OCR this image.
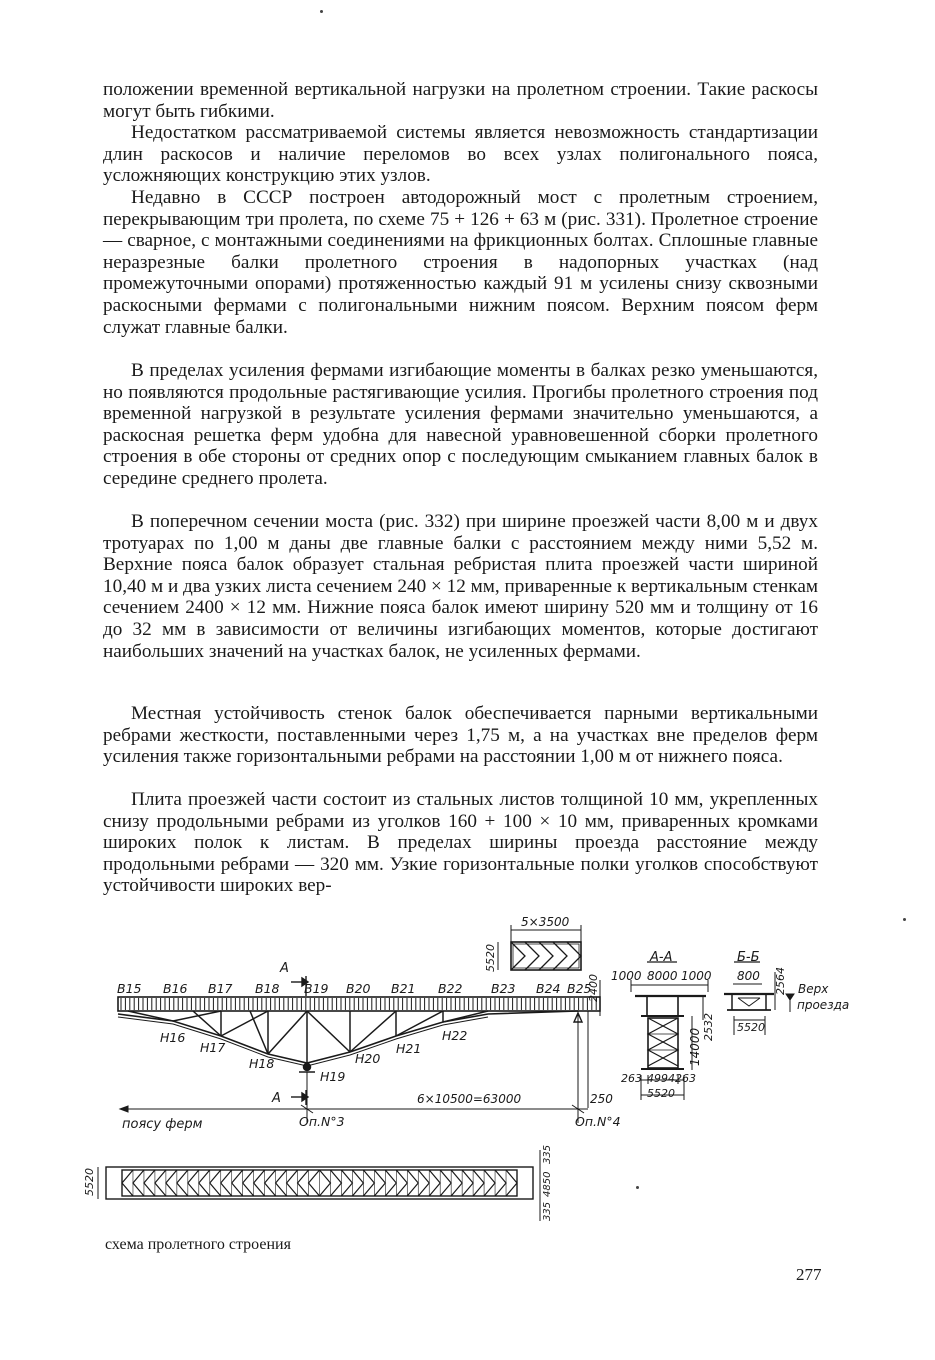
положении временной вертикальной нагрузки на пролетном строении. Такие раскосы могут быть гибкими.

Недостатком рассматриваемой системы является невозможность стандартизации длин раскосов и наличие переломов во всех узлах полигонального пояса, усложняющих конструкцию этих узлов.

Недавно в СССР построен автодорожный мост с пролетным строением, перекрывающим три пролета, по схеме 75 + 126 + 63 м (рис. 331). Пролетное строение — сварное, с монтажными соединениями на фрикционных болтах. Сплошные главные неразрезные балки пролетного строения в надопорных участках (над промежуточными опорами) протяженностью каждый 91 м усилены снизу сквозными раскосными фермами с полигональными нижним поясом. Верхним поясом ферм служат главные балки.

В пределах усиления фермами изгибающие моменты в балках резко уменьшаются, но появляются продольные растягивающие усилия. Прогибы пролетного строения под временной нагрузкой в результате усиления фермами значительно уменьшаются, а раскосная решетка ферм удобна для навесной уравновешенной сборки пролетного строения в обе стороны от средних опор с последующим смыканием главных балок в середине среднего пролета.

В поперечном сечении моста (рис. 332) при ширине проезжей части 8,00 м и двух тротуарах по 1,00 м даны две главные балки с расстоянием между ними 5,52 м. Верхние пояса балок образует стальная ребристая плита проезжей части шириной 10,40 м и два узких листа сечением 240 × 12 мм, приваренные к вертикальным стенкам сечением 2400 × 12 мм. Нижние пояса балок имеют ширину 520 мм и толщину от 16 до 32 мм в зависимости от величины изгибающих моментов, которые достигают наибольших значений на участках балок, не усиленных фермами.

Местная устойчивость стенок балок обеспечивается парными вертикальными ребрами жесткости, поставленными через 1,75 м, а на участках вне пределов ферм усиления также горизонтальными ребрами на расстоянии 1,00 м от нижнего пояса.

Плита проезжей части состоит из стальных листов толщиной 10 мм, укрепленных снизу продольными ребрами из уголков 160 + 100 × 10 мм, приваренных кромками широких полок к листам. В пределах ширины проезда расстояние между продольными ребрами — 320 мм. Узкие горизонтальные полки уголков способствуют устойчивости широких вер-

A
A
B15 B16 B17 B18 B19 B20 B21 B22 B23 B24 B25
H16
H17
H18
H19
H20
H21
H22
5×3500
5520
2400
6×10500=63000	250
поясу ферм	Оп.N°3	Оп.N°4
А-А
1000 8000 1000
2532
14000
263 4994 263
5520
Б-Б
800 2564
5520
Верх
проезда
5520
335
4850
335
схема пролетного строения
277
